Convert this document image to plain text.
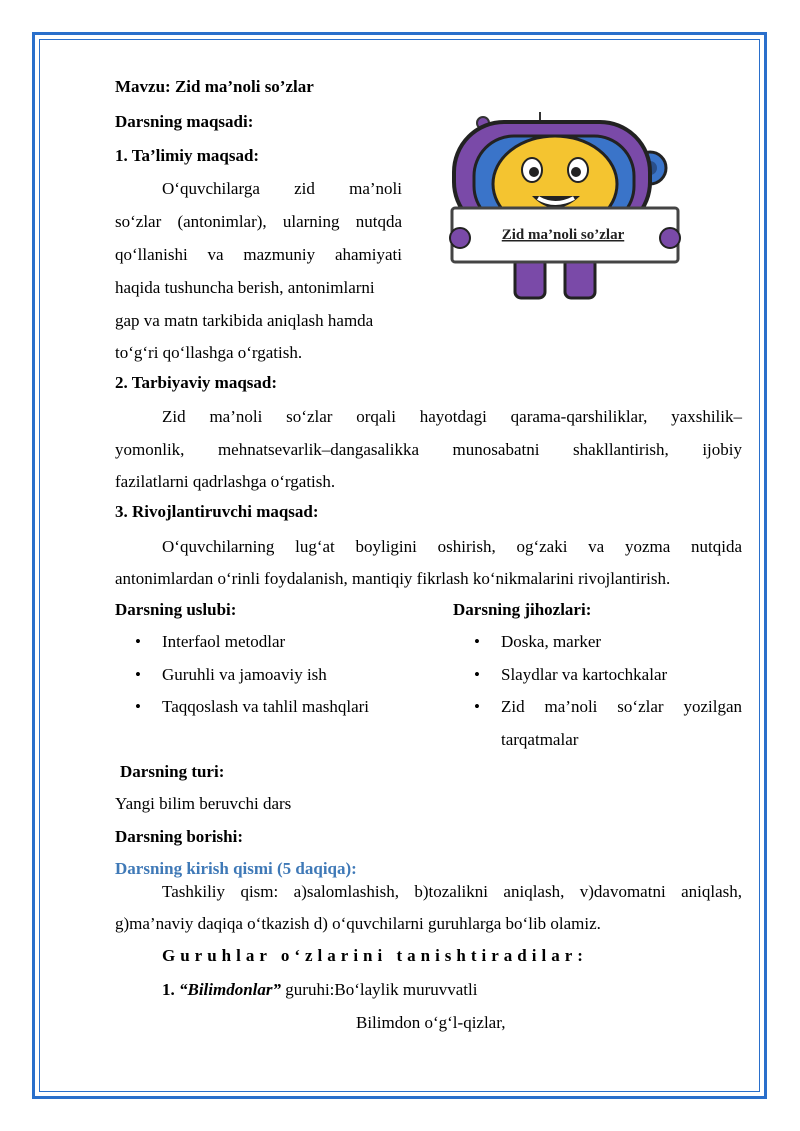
Mavzu: Zid ma’noli so’zlar
Darsning maqsadi:
1. Ta’limiy maqsad:
O‘quvchilarga zid ma’noli
so‘zlar (antonimlar), ularning nutqda
qo‘llanishi va mazmuniy ahamiyati
haqida tushuncha berish, antonimlarni
gap va matn tarkibida aniqlash hamda
to‘g‘ri qo‘llashga o‘rgatish.
Zid ma’noli so’zlar
2. Tarbiyaviy maqsad:
Zid ma’noli so‘zlar orqali hayotdagi qarama-qarshiliklar, yaxshilik–
yomonlik, mehnatsevarlik–dangasalikka munosabatni shakllantirish, ijobiy
fazilatlarni qadrlashga o‘rgatish.
3. Rivojlantiruvchi maqsad:
O‘quvchilarning lug‘at boyligini oshirish, og‘zaki va yozma nutqida
antonimlardan o‘rinli foydalanish, mantiqiy fikrlash ko‘nikmalarini rivojlantirish.
Darsning uslubi:
• Interfaol metodlar
• Guruhli va jamoaviy ish
• Taqqoslash va tahlil mashqlari
Darsning jihozlari:
• Doska, marker
• Slaydlar va kartochkalar
• Zid ma’noli so‘zlar yozilgan
tarqatmalar
Darsning turi:
Yangi bilim beruvchi dars
Darsning borishi:
Darsning kirish qismi (5 daqiqa):
Tashkiliy qism: a)salomlashish, b)tozalikni aniqlash, v)davomatni aniqlash,
g)ma’naviy daqiqa o‘tkazish d) o‘quvchilarni guruhlarga bo‘lib olamiz.
Guruhlar o‘zlarini tanishtiradilar:
1. “Bilimdonlar” guruhi:Bo‘laylik muruvvatli
Bilimdon o‘g‘l-qizlar,
